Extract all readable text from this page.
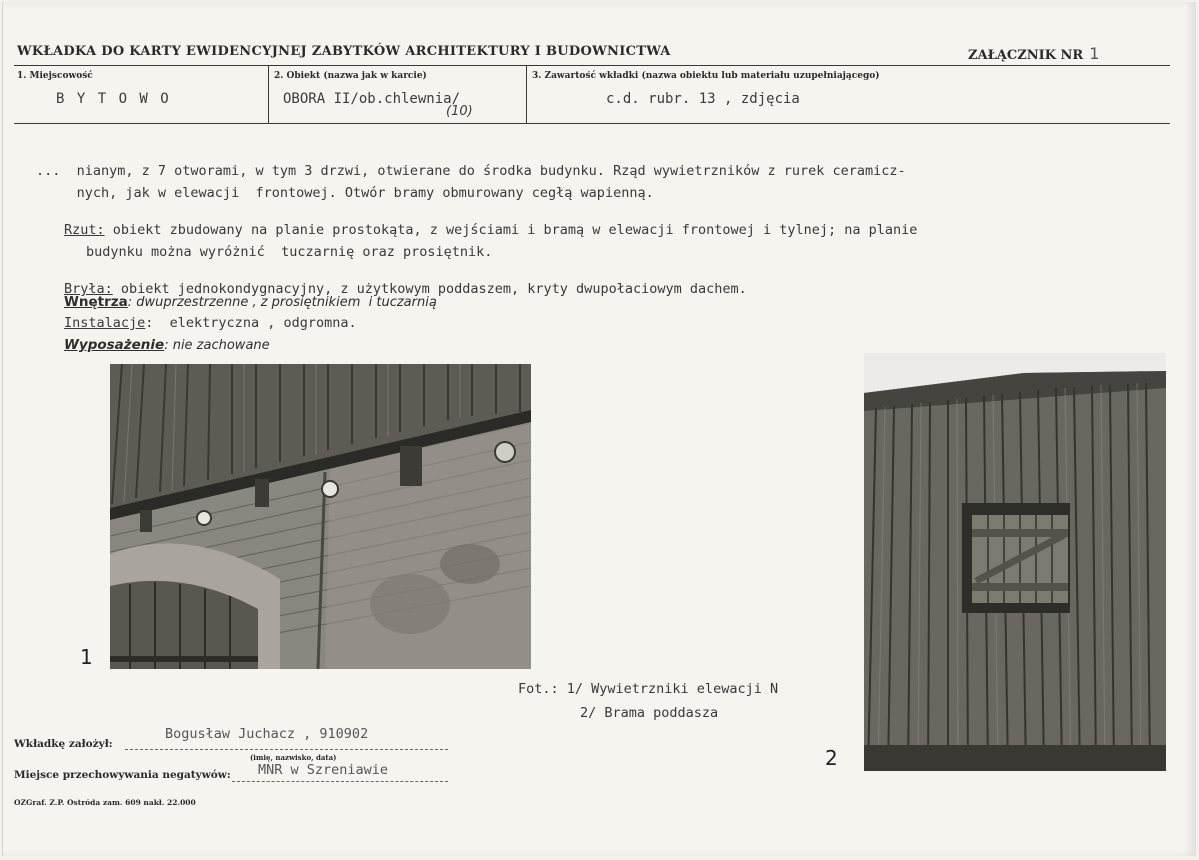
WKŁADKA DO KARTY EWIDENCYJNEJ ZABYTKÓW ARCHITEKTURY I BUDOWNICTWA	ZAŁĄCZNIK NR 1
1. Miejscowość
B Y T O W O
2. Obiekt (nazwa jak w karcie)
OBORA II/ob.chlewnia/
(10)
3. Zawartość wkładki (nazwa obiektu lub materiału uzupełniającego)
c.d. rubr. 13 , zdjęcia
...  nianym, z 7 otworami, w tym 3 drzwi, otwierane do środka budynku. Rząd wywietrzników z rurek ceramicz-
nych, jak w elewacji  frontowej. Otwór bramy obmurowany cegłą wapienną.
Rzut: obiekt zbudowany na planie prostokąta, z wejściami i bramą w elewacji frontowej i tylnej; na planie
budynku można wyróżnić  tuczarnię oraz prosiętnik.
Bryła: obiekt jednokondygnacyjny, z użytkowym poddaszem, kryty dwupołaciowym dachem.
Wnętrza: dwuprzestrzenne , z prosiętnikiem  i tuczarnią
Instalacje:  elektryczna , odgromna.
Wyposażenie: nie zachowane
1
2
Fot.: 1/ Wywietrzniki elewacji N
2/ Brama poddasza
Wkładkę założył:
Bogusław Juchacz , 910902
(imię, nazwisko, data)
Miejsce przechowywania negatywów: MNR w Szreniawie
OZGraf. Z.P. Ostróda zam. 609 nakł. 22.000
